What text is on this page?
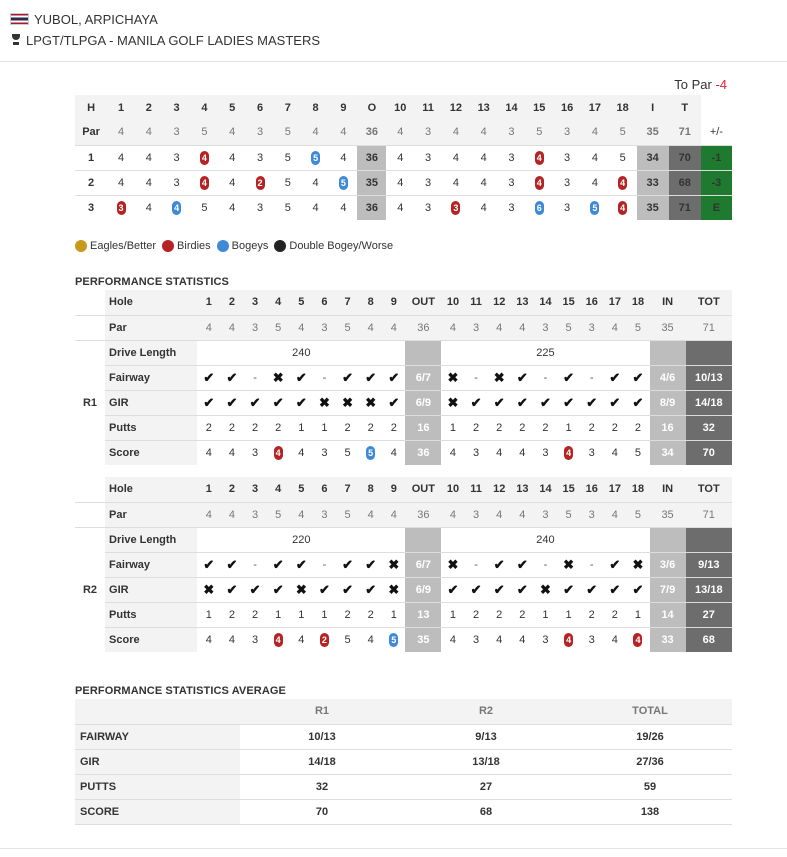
YUBOL, ARPICHAYA
LPGT/TLPGA - MANILA GOLF LADIES MASTERS
To Par -4
H	1	2	3	4	5	6	7	8	9	O	10	11	12	13	14	15	16	17	18	I	T	
Par	4	4	3	5	4	3	5	4	4	36	4	3	4	4	3	5	3	4	5	35	71	+/-
1	4	4	3	4	4	3	5	5	4	36	4	3	4	4	3	4	3	4	5	34	70	-1
2	4	4	3	4	4	2	5	4	5	35	4	3	4	4	3	4	3	4	4	33	68	-3
3	3	4	4	5	4	3	5	4	4	36	4	3	3	4	3	6	3	5	4	35	71	E
Eagles/Better Birdies Bogeys Double Bogey/Worse
PERFORMANCE STATISTICS
	Hole	1	2	3	4	5	6	7	8	9	OUT	10	11	12	13	14	15	16	17	18	IN	TOT
	Par	4	4	3	5	4	3	5	4	4	36	4	3	4	4	3	5	3	4	5	35	71
R1	Drive Length	240										225										
	Fairway	✔	✔	-	✖	✔	-	✔	✔	✔	6/7	✖	-	✖	✔	-	✔	-	✔	✔	4/6	10/13
	GIR	✔	✔	✔	✔	✔	✖	✖	✖	✔	6/9	✖	✔	✔	✔	✔	✔	✔	✔	✔	8/9	14/18
	Putts	2	2	2	2	1	1	2	2	2	16	1	2	2	2	2	1	2	2	2	16	32
	Score	4	4	3	4	4	3	5	5	4	36	4	3	4	4	3	4	3	4	5	34	70
	Hole	1	2	3	4	5	6	7	8	9	OUT	10	11	12	13	14	15	16	17	18	IN	TOT
	Par	4	4	3	5	4	3	5	4	4	36	4	3	4	4	3	5	3	4	5	35	71
R2	Drive Length	220										240										
	Fairway	✔	✔	-	✔	✔	-	✔	✔	✖	6/7	✖	-	✔	✔	-	✖	-	✔	✖	3/6	9/13
	GIR	✖	✔	✔	✔	✖	✔	✔	✔	✖	6/9	✔	✔	✔	✔	✖	✔	✔	✔	✔	7/9	13/18
	Putts	1	2	2	1	1	1	2	2	1	13	1	2	2	2	1	1	2	2	1	14	27
	Score	4	4	3	4	4	2	5	4	5	35	4	3	4	4	3	4	3	4	4	33	68
PERFORMANCE STATISTICS AVERAGE
	R1	R2	TOTAL
FAIRWAY	10/13	9/13	19/26
GIR	14/18	13/18	27/36
PUTTS	32	27	59
SCORE	70	68	138
